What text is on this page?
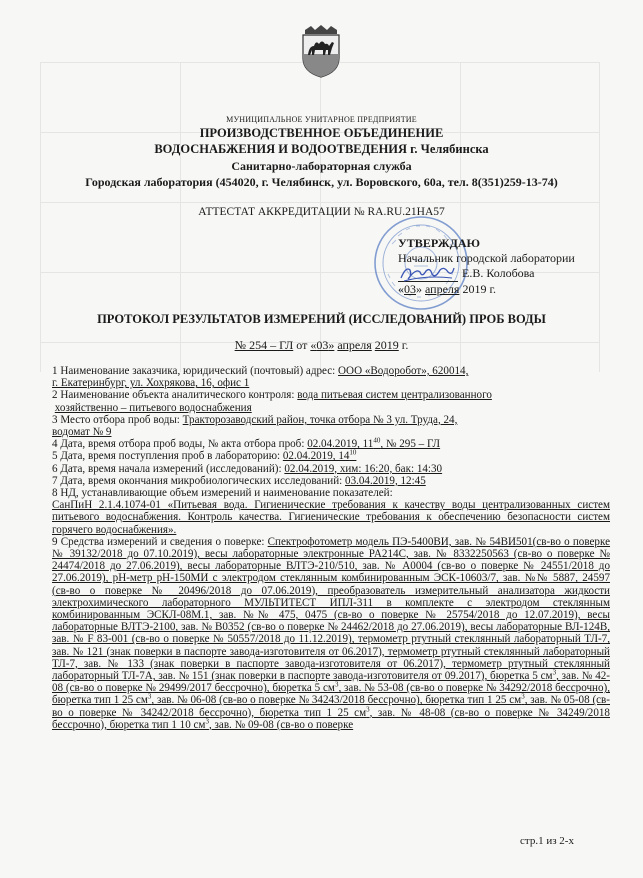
МУНИЦИПАЛЬНОЕ УНИТАРНОЕ ПРЕДПРИЯТИЕ
ПРОИЗВОДСТВЕННОЕ ОБЪЕДИНЕНИЕ
ВОДОСНАБЖЕНИЯ И ВОДООТВЕДЕНИЯ г. Челябинска
Санитарно-лабораторная служба
Городская лаборатория (454020, г. Челябинск, ул. Воровского, 60а, тел. 8(351)259-13-74)
АТТЕСТАТ АККРЕДИТАЦИИ № RA.RU.21НА57
УТВЕРЖДАЮ
Начальник городской лаборатории
Е.В. Колобова
«03» апреля 2019 г.
ПРОТОКОЛ РЕЗУЛЬТАТОВ ИЗМЕРЕНИЙ (ИССЛЕДОВАНИЙ) ПРОБ ВОДЫ
№ 254 – ГЛ от «03» апреля 2019 г.

1 Наименование заказчика, юридический (почтовый) адрес: ООО «Водоробот», 620014,
г. Екатеринбург, ул. Хохрякова, 16, офис 1

2 Наименование объекта аналитического контроля: вода питьевая систем централизованного
хозяйственно – питьевого водоснабжения

3 Место отбора проб воды: Тракторозаводский район, точка отбора № 3 ул. Труда, 24,
водомат № 9

4 Дата, время отбора проб воды, № акта отбора проб: 02.04.2019, $11^{40}$, № 295 – ГЛ

5 Дата, время поступления проб в лабораторию: 02.04.2019, $14^{10}$

6 Дата, время начала измерений (исследований): 02.04.2019, хим: 16:20, бак: 14:30

7 Дата, время окончания микробиологических исследований: 03.04.2019, 12:45

8 НД, устанавливающие объем измерений и наименование показателей:

СанПиН 2.1.4.1074-01 «Питьевая вода. Гигиенические требования к качеству воды централизованных систем питьевого водоснабжения. Контроль качества. Гигиенические требования к обеспечению безопасности систем горячего водоснабжения».

9 Средства измерений и сведения о поверке: Спектрофотометр модель ПЭ-5400ВИ, зав. № 54ВИ501(св-во о поверке № 39132/2018 до 07.10.2019), весы лабораторные электронные PA214C, зав. № 8332250563 (св-во о поверке № 24474/2018 до 27.06.2019), весы лабораторные ВЛТЭ-210/510, зав. № А0004 (св-во о поверке № 24551/2018 до 27.06.2019), рН-метр рН-150МИ с электродом стеклянным комбинированным ЭСК-10603/7, зав. №№ 5887, 24597 (св-во о поверке № 20496/2018 до 07.06.2019), преобразователь измерительный анализатора жидкости электрохимического лабораторного МУЛЬТИТЕСТ ИПЛ-311 в комплекте с электродом стеклянным комбинированным ЭСКЛ-08М.1, зав. №№ 475, 0475 (св-во о поверке № 25754/2018 до 12.07.2019), весы лабораторные ВЛТЭ-2100, зав. № В0352 (св-во о поверке № 24462/2018 до 27.06.2019), весы лабораторные ВЛ-124В, зав. № F 83-001 (св-во о поверке № 50557/2018 до 11.12.2019), термометр ртутный стеклянный лабораторный ТЛ-7, зав. № 121 (знак поверки в паспорте завода-изготовителя от 06.2017), термометр ртутный стеклянный лабораторный ТЛ-7, зав. № 133 (знак поверки в паспорте завода-изготовителя от 06.2017), термометр ртутный стеклянный лабораторный ТЛ-7А, зав. № 151 (знак поверки в паспорте завода-изготовителя от 09.2017), бюретка 5 $см^3$, зав. № 42-08 (св-во о поверке № 29499/2017 бессрочно), бюретка 5 $см^3$, зав. № 53-08 (св-во о поверке № 34292/2018 бессрочно), бюретка тип 1 25 $см^3$, зав. № 06-08 (св-во о поверке № 34243/2018 бессрочно), бюретка тип 1 25 $см^3$, зав. № 05-08 (св-во о поверке № 34242/2018 бессрочно), бюретка тип 1 25 $см^3$, зав. № 48-08 (св-во о поверке № 34249/2018 бессрочно), бюретка тип 1 10 $см^3$, зав. № 09-08 (св-во о поверке

стр.1 из 2-х
